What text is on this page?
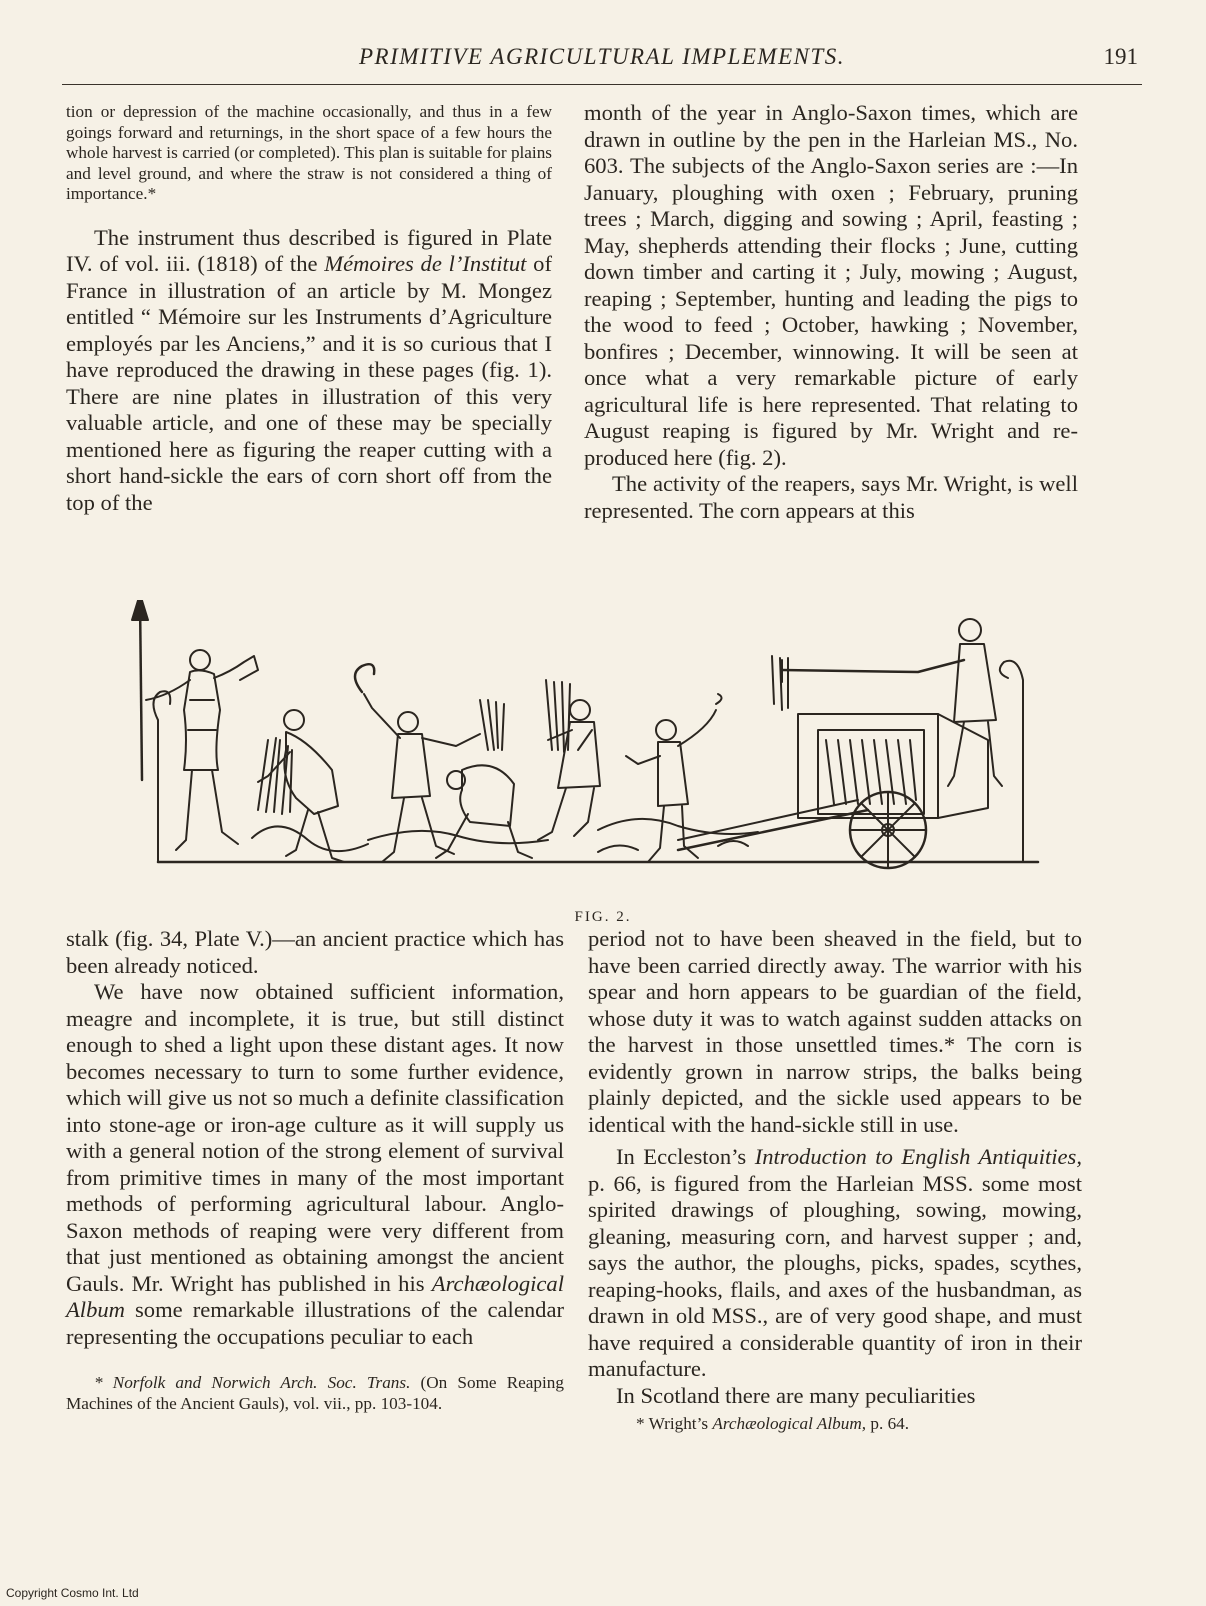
PRIMITIVE AGRICULTURAL IMPLEMENTS.	191

tion or depression of the machine occasionally, and thus in a few goings forward and returnings, in the short space of a few hours the whole harvest is carried (or completed). This plan is suitable for plains and level ground, and where the straw is not considered a thing of importance.*

The instrument thus described is figured in Plate IV. of vol. iii. (1818) of the Mémoires de l’Institut of France in illustration of an article by M. Mongez entitled “ Mémoire sur les Instruments d’Agriculture employés par les Anciens,” and it is so curious that I have reproduced the drawing in these pages (fig. 1). There are nine plates in illustration of this very valuable article, and one of these may be specially mentioned here as figuring the reaper cutting with a short hand-sickle the ears of corn short off from the top of the

month of the year in Anglo-Saxon times, which are drawn in outline by the pen in the Harleian MS., No. 603. The subjects of the Anglo-Saxon series are :—In January, ploughing with oxen ; February, pruning trees ; March, digging and sowing ; April, feasting ; May, shepherds attending their flocks ; June, cutting down timber and carting it ; July, mowing ; August, reaping ; September, hunting and leading the pigs to the wood to feed ; October, hawking ; November, bonfires ; December, winnowing. It will be seen at once what a very remarkable picture of early agricultural life is here represented. That relating to August reaping is figured by Mr. Wright and re-produced here (fig. 2).

The activity of the reapers, says Mr. Wright, is well represented. The corn appears at this

FIG. 2.

stalk (fig. 34, Plate V.)—an ancient practice which has been already noticed.

We have now obtained sufficient information, meagre and incomplete, it is true, but still distinct enough to shed a light upon these distant ages. It now becomes necessary to turn to some further evidence, which will give us not so much a definite classification into stone-age or iron-age culture as it will supply us with a general notion of the strong element of survival from primitive times in many of the most important methods of performing agricultural labour. Anglo-Saxon methods of reaping were very different from that just mentioned as obtaining amongst the ancient Gauls. Mr. Wright has published in his Archæological Album some remarkable illustrations of the calendar representing the occupations peculiar to each

* Norfolk and Norwich Arch. Soc. Trans. (On Some Reaping Machines of the Ancient Gauls), vol. vii., pp. 103-104.

period not to have been sheaved in the field, but to have been carried directly away. The warrior with his spear and horn appears to be guardian of the field, whose duty it was to watch against sudden attacks on the harvest in those unsettled times.* The corn is evidently grown in narrow strips, the balks being plainly depicted, and the sickle used appears to be identical with the hand-sickle still in use.

In Eccleston’s Introduction to English Antiquities, p. 66, is figured from the Harleian MSS. some most spirited drawings of ploughing, sowing, mowing, gleaning, measuring corn, and harvest supper ; and, says the author, the ploughs, picks, spades, scythes, reaping-hooks, flails, and axes of the husbandman, as drawn in old MSS., are of very good shape, and must have required a considerable quantity of iron in their manufacture.

In Scotland there are many peculiarities

* Wright’s Archæological Album, p. 64.

Copyright Cosmo Int. Ltd
